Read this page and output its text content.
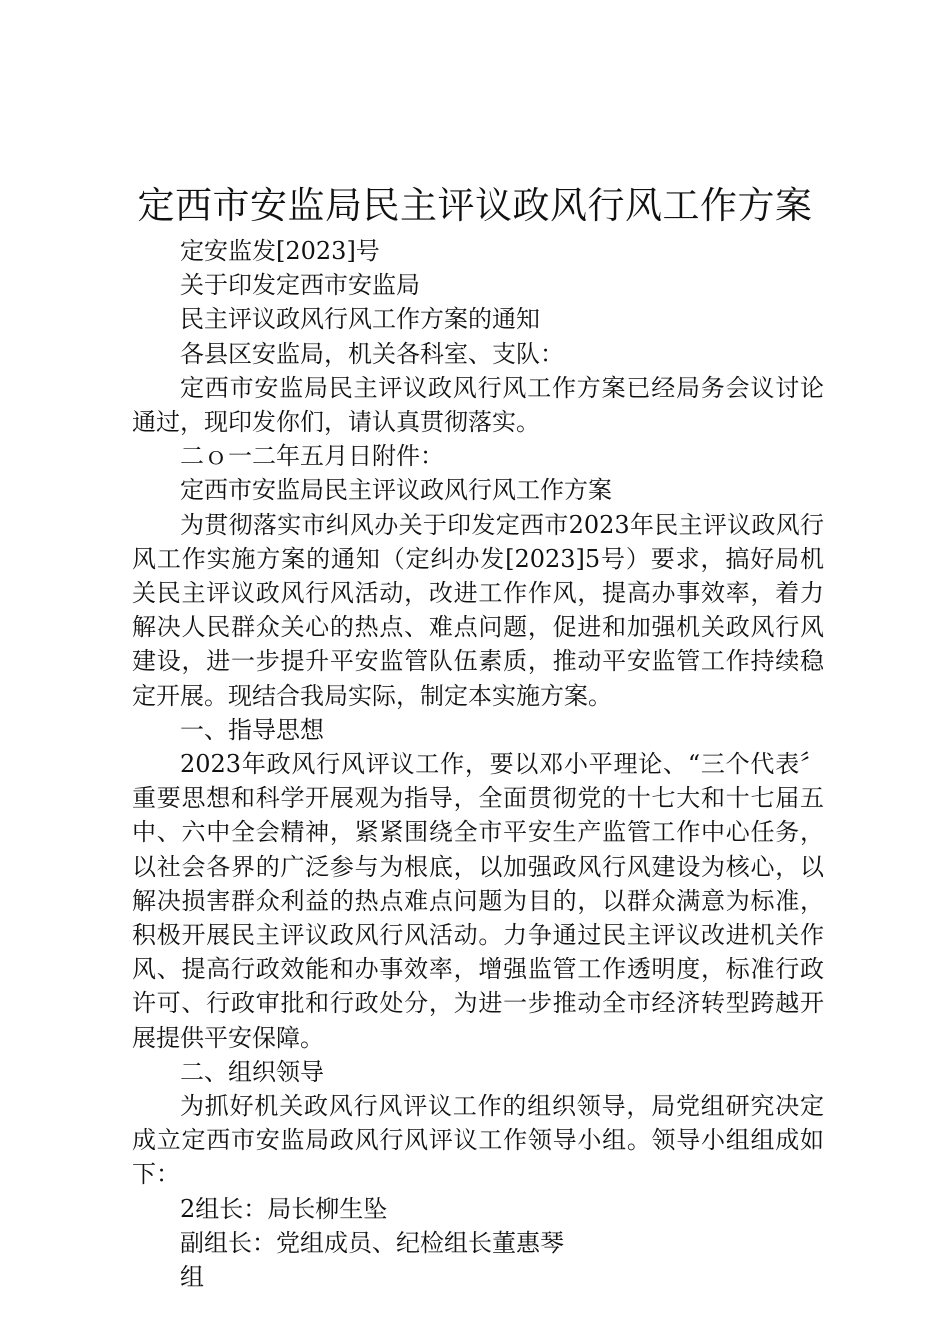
定西市安监局民主评议政风行风工作方案

定安监发[2023]号

关于印发定西市安监局

民主评议政风行风工作方案的通知

各县区安监局，机关各科室、支队：

定西市安监局民主评议政风行风工作方案已经局务会议讨论通过，现印发你们，请认真贯彻落实。

二ｏ一二年五月日附件：

定西市安监局民主评议政风行风工作方案

为贯彻落实市纠风办关于印发定西市2023年民主评议政风行风工作实施方案的通知（定纠办发[2023]5号）要求，搞好局机关民主评议政风行风活动，改进工作作风，提高办事效率，着力解决人民群众关心的热点、难点问题，促进和加强机关政风行风建设，进一步提升平安监管队伍素质，推动平安监管工作持续稳定开展。现结合我局实际，制定本实施方案。

一、指导思想

2023年政风行风评议工作，要以邓小平理论、“三个代表〞重要思想和科学开展观为指导，全面贯彻党的十七大和十七届五中、六中全会精神，紧紧围绕全市平安生产监管工作中心任务，以社会各界的广泛参与为根底，以加强政风行风建设为核心，以解决损害群众利益的热点难点问题为目的，以群众满意为标准，积极开展民主评议政风行风活动。力争通过民主评议改进机关作风、提高行政效能和办事效率，增强监管工作透明度，标准行政许可、行政审批和行政处分，为进一步推动全市经济转型跨越开展提供平安保障。

二、组织领导

为抓好机关政风行风评议工作的组织领导，局党组研究决定成立定西市安监局政风行风评议工作领导小组。领导小组组成如下：

2组长：局长柳生坠

副组长：党组成员、纪检组长董惠琴

组
